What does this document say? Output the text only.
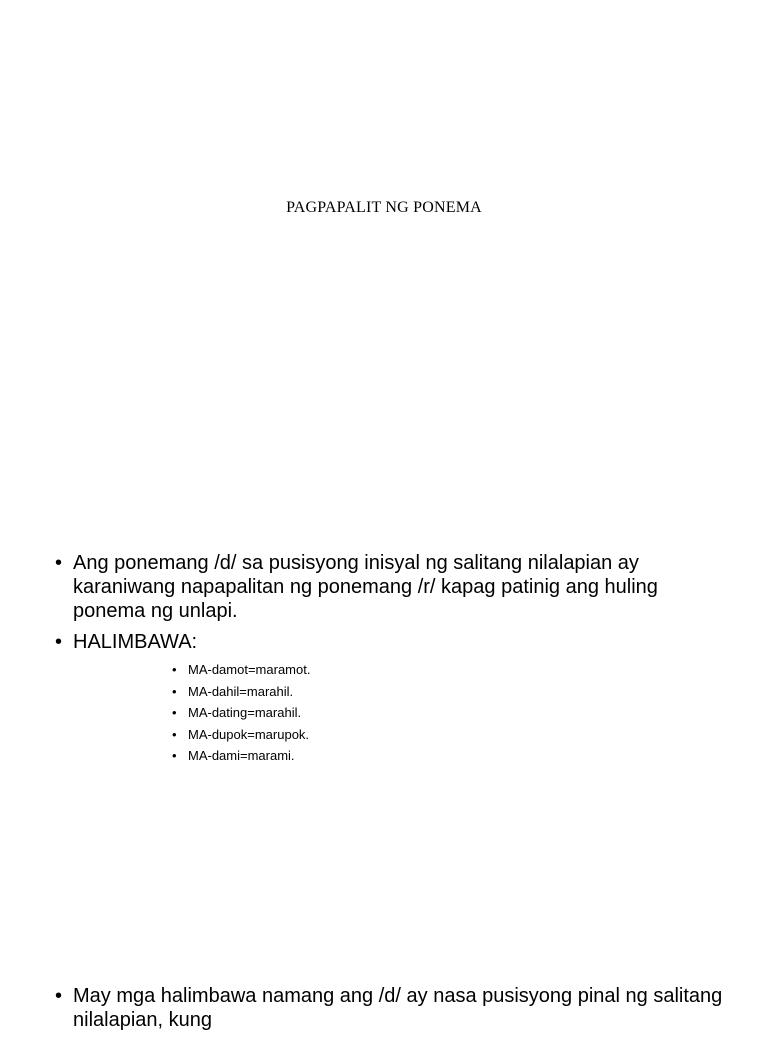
PAGPAPALIT NG PONEMA
• Ang ponemang /d/ sa pusisyong inisyal ng salitang nilalapian ay karaniwang napapalitan ng ponemang /r/ kapag patinig ang huling ponema ng unlapi.
• HALIMBAWA:
• MA-damot=maramot.
• MA-dahil=marahil.
• MA-dating=marahil.
• MA-dupok=marupok.
• MA-dami=marami.
• May mga halimbawa namang ang /d/ ay nasa pusisyong pinal ng salitang nilalapian, kung
